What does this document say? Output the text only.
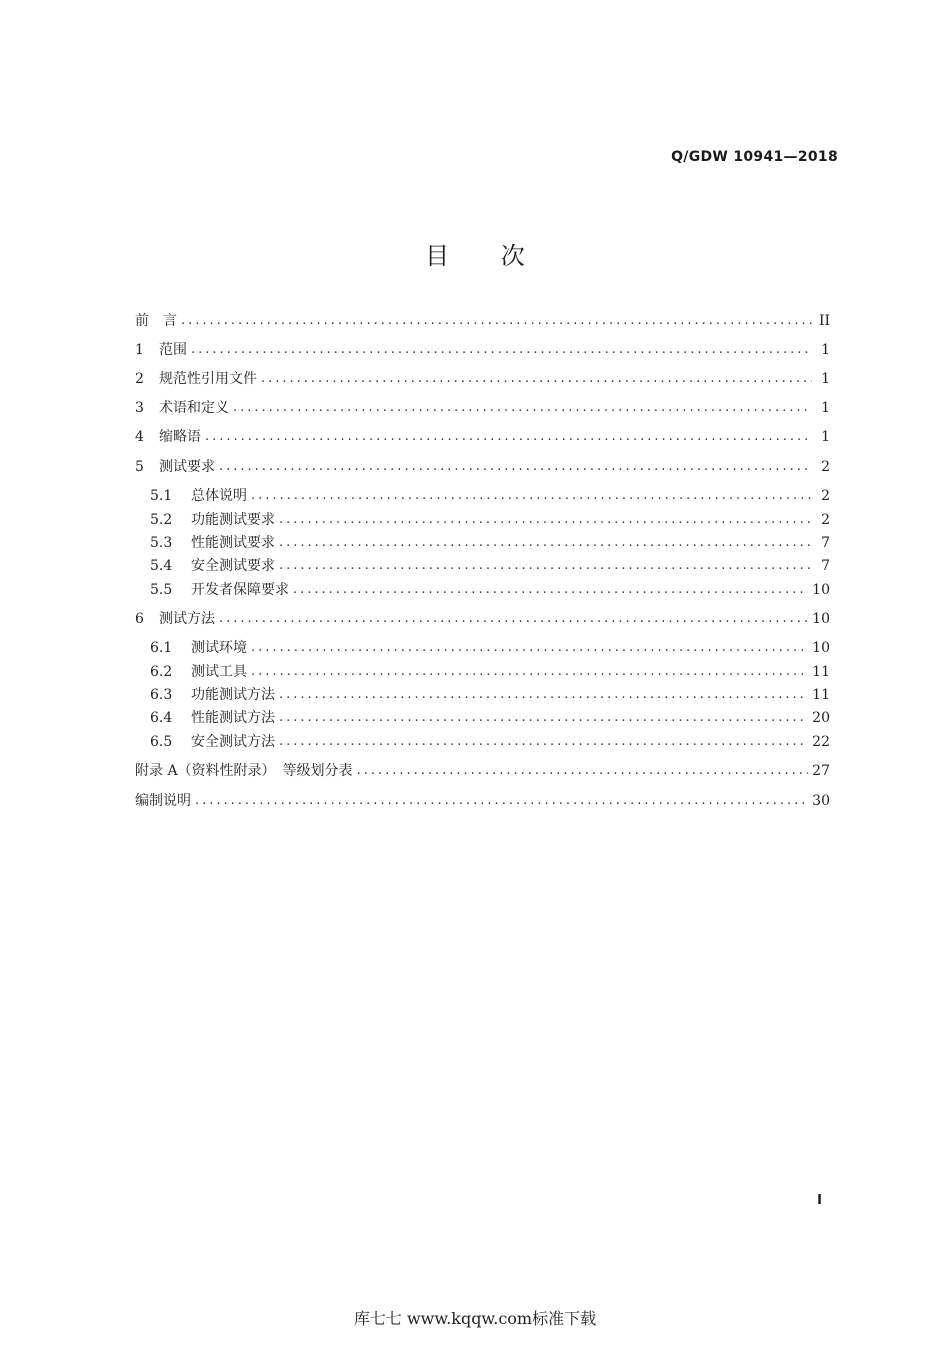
Q/GDW 10941—2018
目 次
前　言 .....	II
1	范围 .....	1
2	规范性引用文件 .....	1
3	术语和定义 .....	1
4	缩略语 .....	1
5	测试要求 .....	2
5.1	总体说明 .....	2
5.2	功能测试要求 .....	2
5.3	性能测试要求 .....	7
5.4	安全测试要求 .....	7
5.5	开发者保障要求 .....	10
6	测试方法 .....	10
6.1	测试环境 .....	10
6.2	测试工具 .....	11
6.3	功能测试方法 .....	11
6.4	性能测试方法 .....	20
6.5	安全测试方法 .....	22
附录 A（资料性附录）　等级划分表 .....	27
编制说明 .....	30
I
库七七 www.kqqw.com标准下载
